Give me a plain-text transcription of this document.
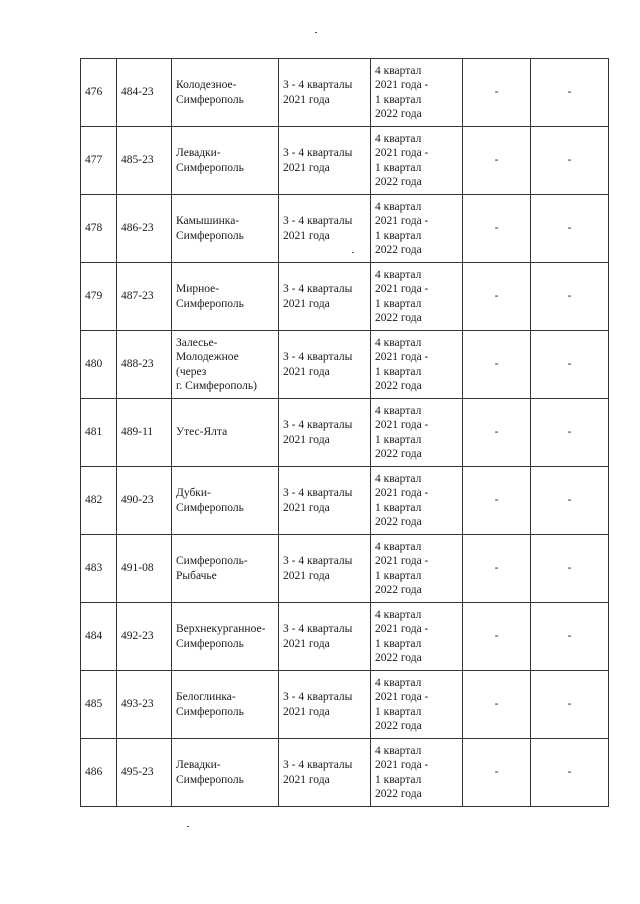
476	484-23	Колодезное-
Симферополь	3 - 4 кварталы
2021 года	4 квартал
2021 года -
1 квартал
2022 года	-	-
477	485-23	Левадки-
Симферополь	3 - 4 кварталы
2021 года	4 квартал
2021 года -
1 квартал
2022 года	-	-
478	486-23	Камышинка-
Симферополь	3 - 4 кварталы
2021 года	4 квартал
2021 года -
1 квартал
2022 года	-	-
479	487-23	Мирное-
Симферополь	3 - 4 кварталы
2021 года	4 квартал
2021 года -
1 квартал
2022 года	-	-
480	488-23	Залесье-
Молодежное
(через
г. Симферополь)	3 - 4 кварталы
2021 года	4 квартал
2021 года -
1 квартал
2022 года	-	-
481	489-11	Утес-Ялта	3 - 4 кварталы
2021 года	4 квартал
2021 года -
1 квартал
2022 года	-	-
482	490-23	Дубки-
Симферополь	3 - 4 кварталы
2021 года	4 квартал
2021 года -
1 квартал
2022 года	-	-
483	491-08	Симферополь-
Рыбачье	3 - 4 кварталы
2021 года	4 квартал
2021 года -
1 квартал
2022 года	-	-
484	492-23	Верхнекурганное-
Симферополь	3 - 4 кварталы
2021 года	4 квартал
2021 года -
1 квартал
2022 года	-	-
485	493-23	Белоглинка-
Симферополь	3 - 4 кварталы
2021 года	4 квартал
2021 года -
1 квартал
2022 года	-	-
486	495-23	Левадки-
Симферополь	3 - 4 кварталы
2021 года	4 квартал
2021 года -
1 квартал
2022 года	-	-
